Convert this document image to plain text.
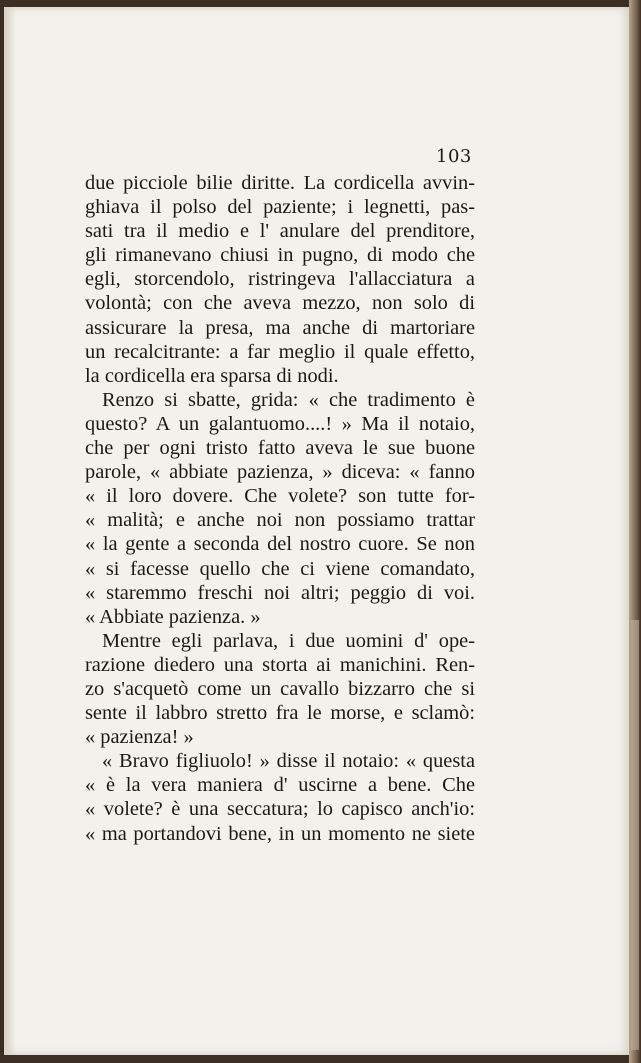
103
due picciole bilie diritte. La cordicella avvin-
ghiava il polso del paziente; i legnetti, pas-
sati tra il medio e l' anulare del prenditore,
gli rimanevano chiusi in pugno, di modo che
egli, storcendolo, ristringeva l'allacciatura a
volontà; con che aveva mezzo, non solo di
assicurare la presa, ma anche di martoriare
un recalcitrante: a far meglio il quale effetto,
la cordicella era sparsa di nodi.
Renzo si sbatte, grida: « che tradimento è
questo? A un galantuomo....! » Ma il notaio,
che per ogni tristo fatto aveva le sue buone
parole, « abbiate pazienza, » diceva: « fanno
« il loro dovere. Che volete? son tutte for-
« malità; e anche noi non possiamo trattar
« la gente a seconda del nostro cuore. Se non
« si facesse quello che ci viene comandato,
« staremmo freschi noi altri; peggio di voi.
« Abbiate pazienza. »
Mentre egli parlava, i due uomini d' ope-
razione diedero una storta ai manichini. Ren-
zo s'acquetò come un cavallo bizzarro che si
sente il labbro stretto fra le morse, e sclamò:
« pazienza! »
« Bravo figliuolo! » disse il notaio: « questa
« è la vera maniera d' uscirne a bene. Che
« volete? è una seccatura; lo capisco anch'io:
« ma portandovi bene, in un momento ne siete
